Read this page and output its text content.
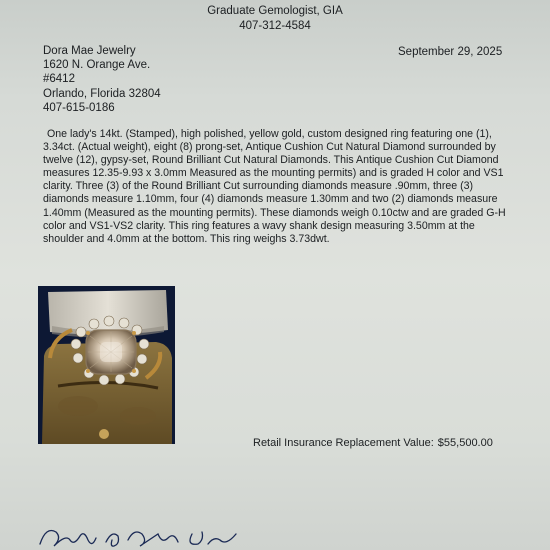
Graduate Gemologist, GIA
407-312-4584
Dora Mae Jewelry
1620 N. Orange Ave.
#6412
Orlando, Florida 32804
407-615-0186
September 29, 2025

One lady's 14kt. (Stamped), high polished, yellow gold, custom designed ring featuring one (1), 3.34ct. (Actual weight), eight (8) prong-set, Antique Cushion Cut Natural Diamond surrounded by twelve (12), gypsy-set, Round Brilliant Cut Natural Diamonds. This Antique Cushion Cut Diamond measures 12.35-9.93 x 3.0mm Measured as the mounting permits) and is graded H color and VS1 clarity. Three (3) of the Round Brilliant Cut surrounding diamonds measure .90mm, three (3) diamonds measure 1.10mm, four (4) diamonds measure 1.30mm and two (2) diamonds measure 1.40mm (Measured as the mounting permits). These diamonds weigh 0.10ctw and are graded G-H color and VS1-VS2 clarity. This ring features a wavy shank design measuring 3.50mm at the shoulder and 4.0mm at the bottom. This ring weighs 3.73dwt.

Retail Insurance Replacement Value: $55,500.00
